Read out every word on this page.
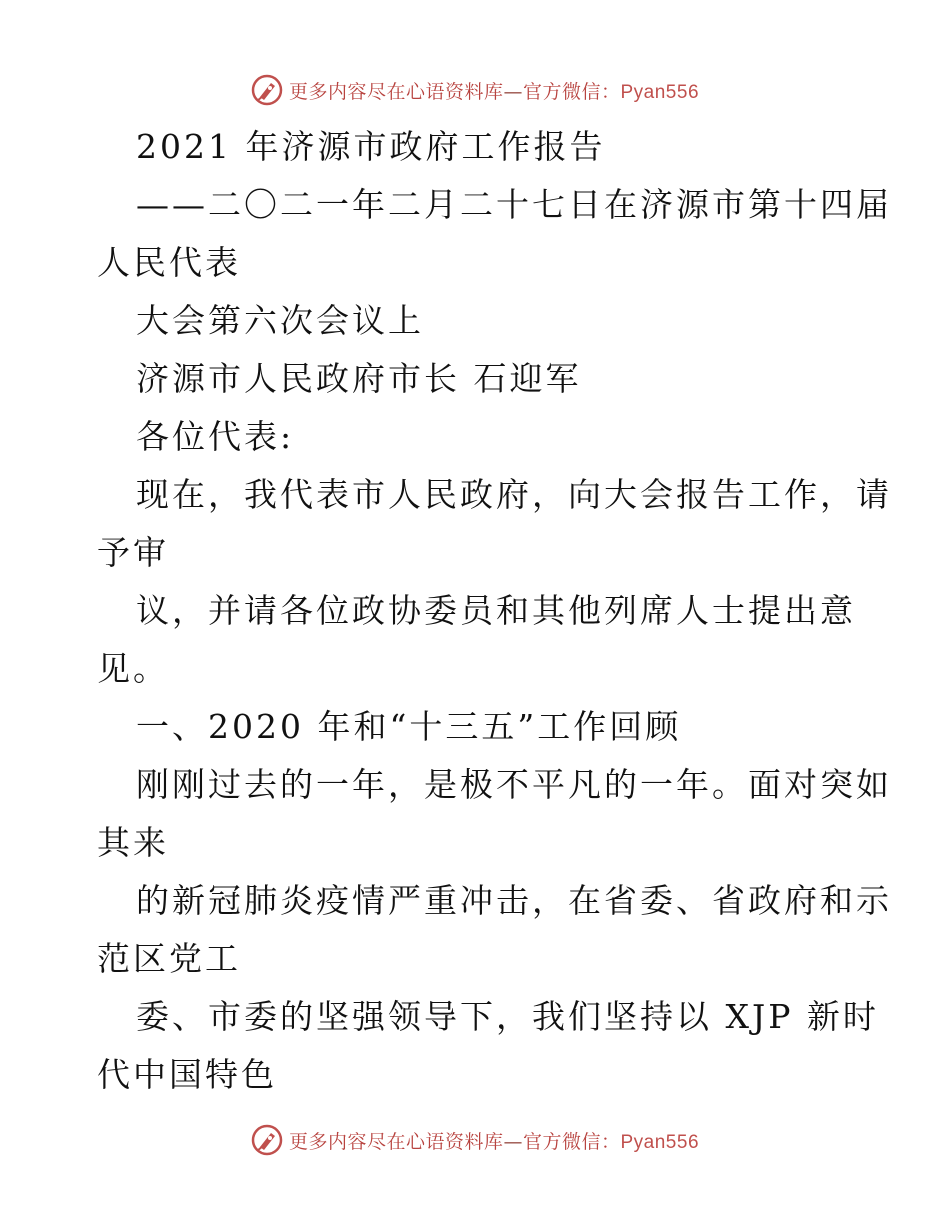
更多内容尽在心语资料库—官方微信：Pyan556
2021 年济源市政府工作报告
——二〇二一年二月二十七日在济源市第十四届
人民代表
大会第六次会议上
济源市人民政府市长 石迎军
各位代表:
现在，我代表市人民政府，向大会报告工作，请
予审
议，并请各位政协委员和其他列席人士提出意
见。
一、2020 年和“十三五”工作回顾
刚刚过去的一年，是极不平凡的一年。面对突如
其来
的新冠肺炎疫情严重冲击，在省委、省政府和示
范区党工
委、市委的坚强领导下，我们坚持以 XJP 新时
代中国特色
更多内容尽在心语资料库—官方微信：Pyan556
